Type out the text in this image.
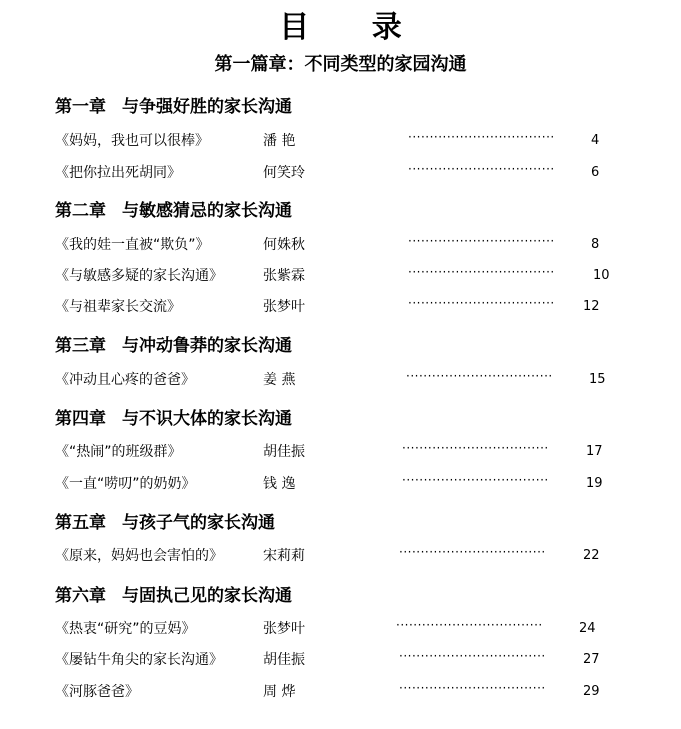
目 录
第一篇章：不同类型的家园沟通
第一章 与争强好胜的家长沟通
《妈妈，我也可以很棒》	潘 艳	··································	4
《把你拉出死胡同》	何笑玲	··································	6
第二章 与敏感猜忌的家长沟通
《我的娃一直被“欺负”》	何姝秋	··································	8
《与敏感多疑的家长沟通》	张紫霖	··································	10
《与祖辈家长交流》	张梦叶	··································	12
第三章 与冲动鲁莽的家长沟通
《冲动且心疼的爸爸》	姜 燕	··································	15
第四章 与不识大体的家长沟通
《“热闹”的班级群》	胡佳振	··································	17
《一直“唠叨”的奶奶》	钱 逸	··································	19
第五章 与孩子气的家长沟通
《原来，妈妈也会害怕的》	宋莉莉	··································	22
第六章 与固执己见的家长沟通
《热衷“研究”的豆妈》	张梦叶	··································	24
《屡钻牛角尖的家长沟通》	胡佳振	··································	27
《河豚爸爸》	周 烨	··································	29
